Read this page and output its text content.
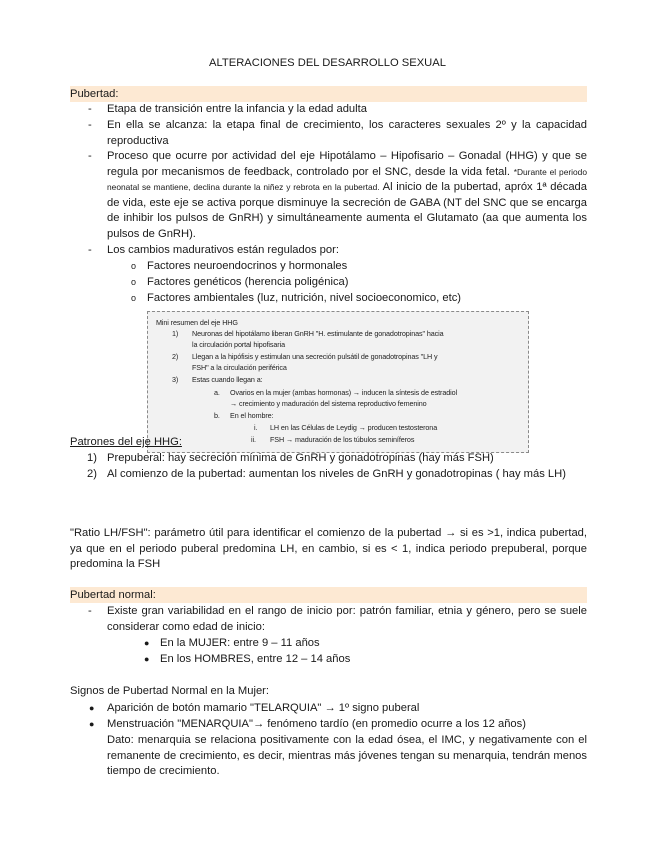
ALTERACIONES DEL DESARROLLO SEXUAL
Pubertad:
- Etapa de transición entre la infancia y la edad adulta
- En ella se alcanza: la etapa final de crecimiento, los caracteres sexuales 2º y la capacidad reproductiva
- Proceso que ocurre por actividad del eje Hipotálamo – Hipofisario – Gonadal (HHG) y que se regula por mecanismos de feedback, controlado por el SNC, desde la vida fetal. *Durante el periodo neonatal se mantiene, declina durante la niñez y rebrota en la pubertad. Al inicio de la pubertad, apróx 1ª década de vida, este eje se activa porque disminuye la secreción de GABA (NT del SNC que se encarga de inhibir los pulsos de GnRH) y simultáneamente aumenta el Glutamato (aa que aumenta los pulsos de GnRH).
- Los cambios madurativos están regulados por:
o Factores neuroendocrinos y hormonales
o Factores genéticos (herencia poligénica)
o Factores ambientales (luz, nutrición, nivel socioeconomico, etc)
Mini resumen del eje HHG
1) Neuronas del hipotálamo liberan GnRH "H. estimulante de gonadotropinas" hacia
la circulación portal hipofisaria
2) Llegan a la hipófisis y estimulan una secreción pulsátil de gonadotropinas "LH y
FSH" a la circulación periférica
3) Estas cuando llegan a:
a. Ovarios en la mujer (ambas hormonas) → inducen la síntesis de estradiol
→ crecimiento y maduración del sistema reproductivo femenino
b. En el hombre:
i. LH en las Células de Leydig → producen testosterona
ii. FSH → maduración de los túbulos seminíferos
Patrones del eje HHG:
1) Prepuberal: hay secreción mínima de GnRH y gonadotropinas (hay más FSH)
2) Al comienzo de la pubertad: aumentan los niveles de GnRH y gonadotropinas ( hay más LH)
"Ratio LH/FSH": parámetro útil para identificar el comienzo de la pubertad → si es >1, indica pubertad, ya que en el periodo puberal predomina LH, en cambio, si es < 1, indica periodo prepuberal, porque predomina la FSH
Pubertad normal:
- Existe gran variabilidad en el rango de inicio por: patrón familiar, etnia y género, pero se suele considerar como edad de inicio:
● En la MUJER: entre 9 – 11 años
● En los HOMBRES, entre 12 – 14 años
Signos de Pubertad Normal en la Mujer:
● Aparición de botón mamario "TELARQUIA" → 1º signo puberal
● Menstruación "MENARQUIA"→ fenómeno tardío (en promedio ocurre a los 12 años)
Dato: menarquia se relaciona positivamente con la edad ósea, el IMC, y negativamente con el remanente de crecimiento, es decir, mientras más jóvenes tengan su menarquia, tendrán menos tiempo de crecimiento.
